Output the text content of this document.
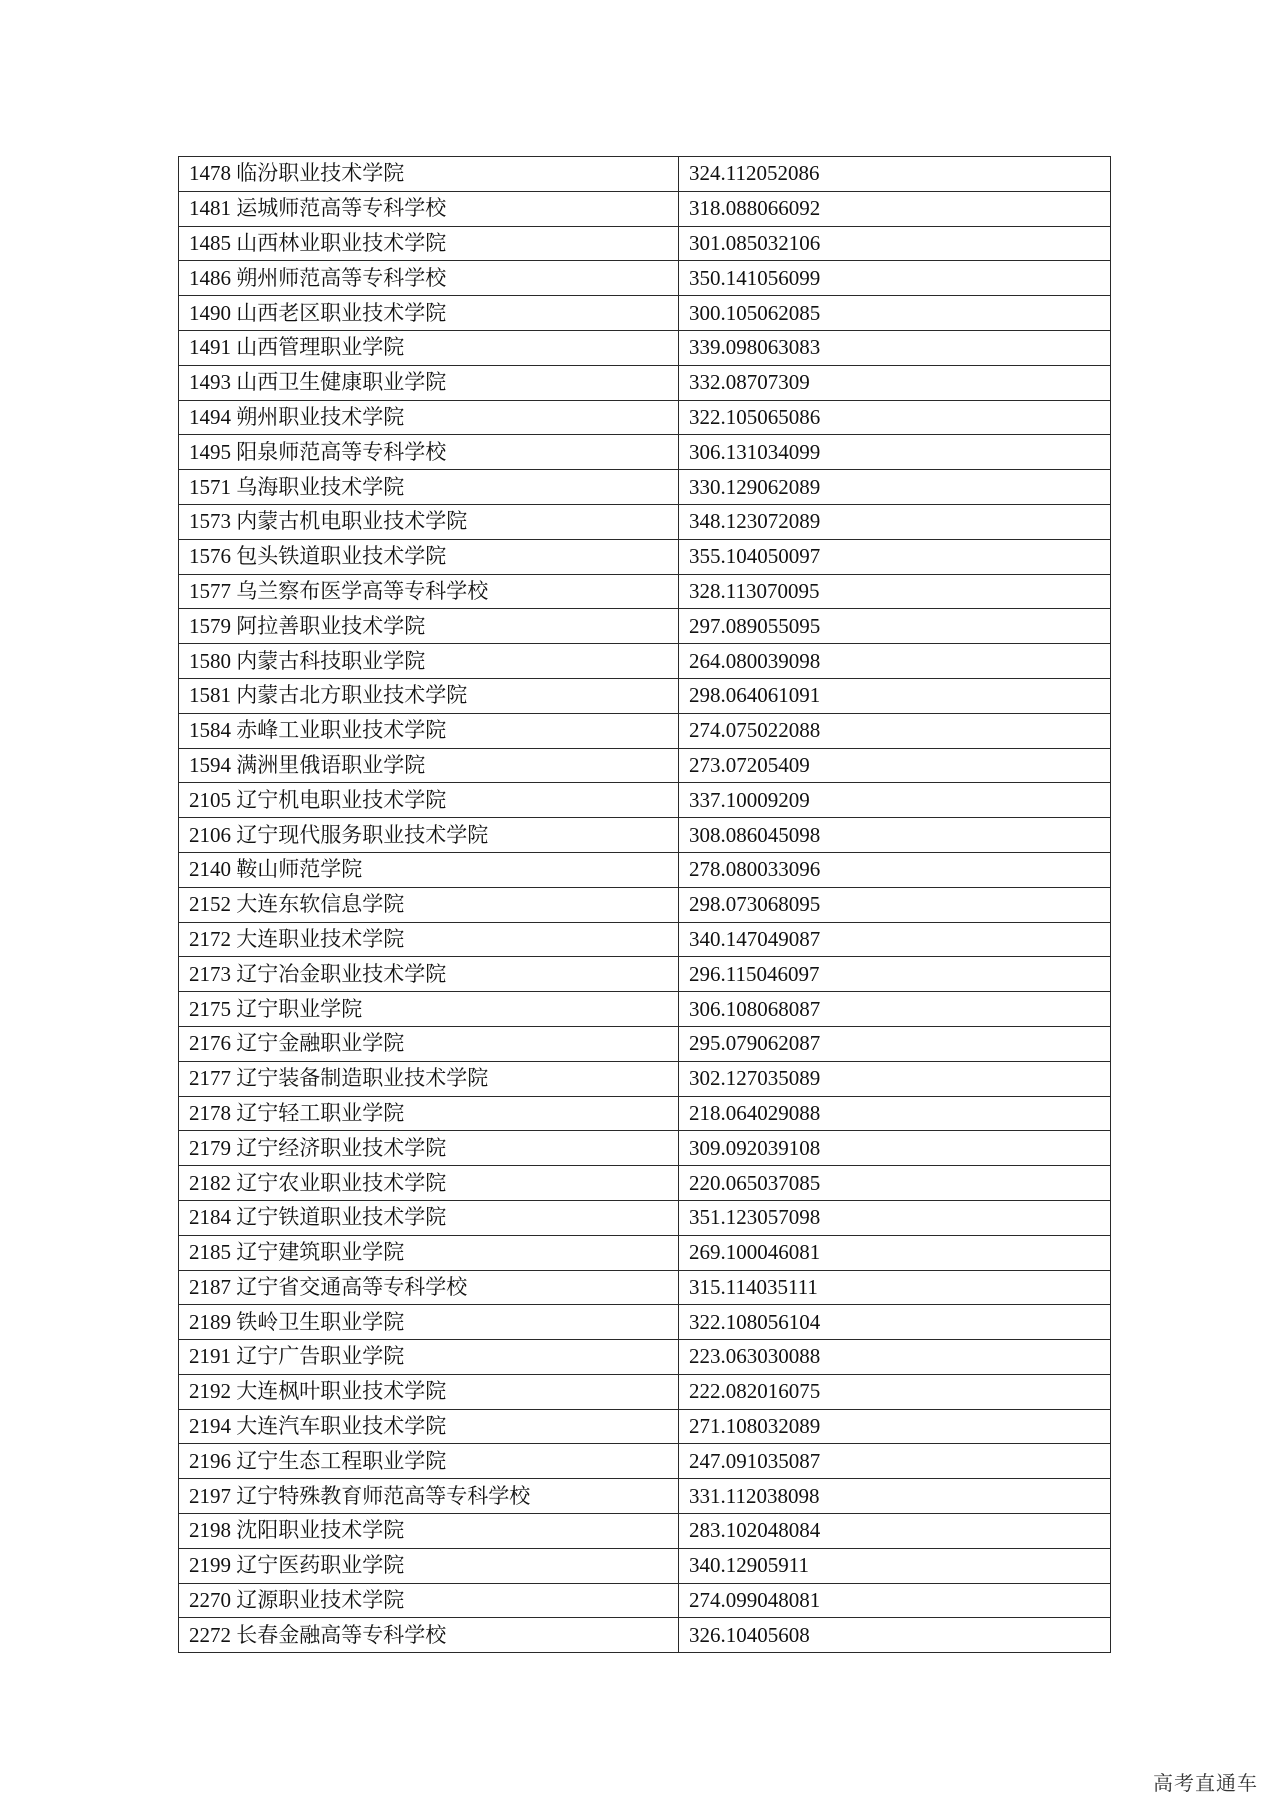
1478 临汾职业技术学院	324.112052086
1481 运城师范高等专科学校	318.088066092
1485 山西林业职业技术学院	301.085032106
1486 朔州师范高等专科学校	350.141056099
1490 山西老区职业技术学院	300.105062085
1491 山西管理职业学院	339.098063083
1493 山西卫生健康职业学院	332.08707309
1494 朔州职业技术学院	322.105065086
1495 阳泉师范高等专科学校	306.131034099
1571 乌海职业技术学院	330.129062089
1573 内蒙古机电职业技术学院	348.123072089
1576 包头铁道职业技术学院	355.104050097
1577 乌兰察布医学高等专科学校	328.113070095
1579 阿拉善职业技术学院	297.089055095
1580 内蒙古科技职业学院	264.080039098
1581 内蒙古北方职业技术学院	298.064061091
1584 赤峰工业职业技术学院	274.075022088
1594 满洲里俄语职业学院	273.07205409
2105 辽宁机电职业技术学院	337.10009209
2106 辽宁现代服务职业技术学院	308.086045098
2140 鞍山师范学院	278.080033096
2152 大连东软信息学院	298.073068095
2172 大连职业技术学院	340.147049087
2173 辽宁冶金职业技术学院	296.115046097
2175 辽宁职业学院	306.108068087
2176 辽宁金融职业学院	295.079062087
2177 辽宁装备制造职业技术学院	302.127035089
2178 辽宁轻工职业学院	218.064029088
2179 辽宁经济职业技术学院	309.092039108
2182 辽宁农业职业技术学院	220.065037085
2184 辽宁铁道职业技术学院	351.123057098
2185 辽宁建筑职业学院	269.100046081
2187 辽宁省交通高等专科学校	315.114035111
2189 铁岭卫生职业学院	322.108056104
2191 辽宁广告职业学院	223.063030088
2192 大连枫叶职业技术学院	222.082016075
2194 大连汽车职业技术学院	271.108032089
2196 辽宁生态工程职业学院	247.091035087
2197 辽宁特殊教育师范高等专科学校	331.112038098
2198 沈阳职业技术学院	283.102048084
2199 辽宁医药职业学院	340.12905911
2270 辽源职业技术学院	274.099048081
2272 长春金融高等专科学校	326.10405608
高考直通车
